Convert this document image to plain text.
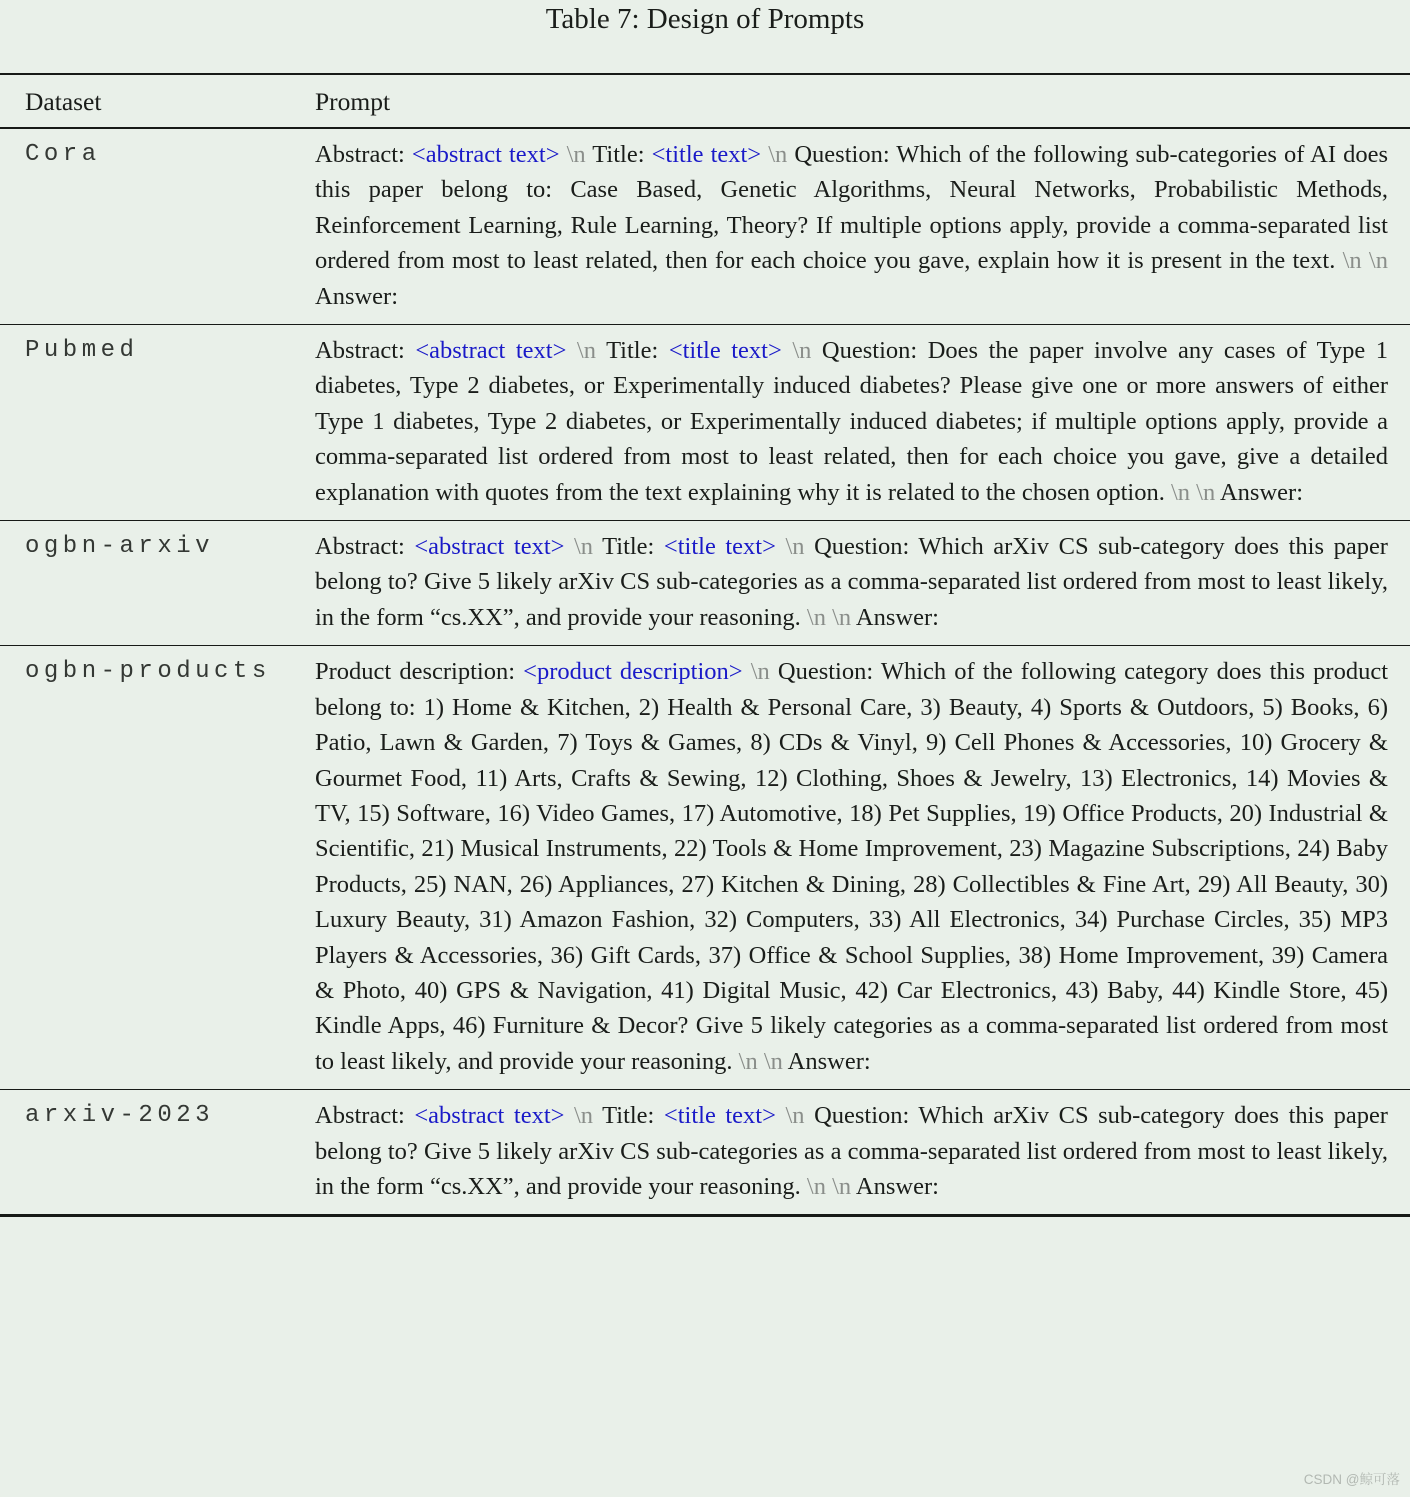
Table 7: Design of Prompts
Dataset	Prompt
Cora	Abstract: <abstract text> \n Title: <title text> \n Question: Which of the following sub-categories of AI does this paper belong to: Case Based, Genetic Algorithms, Neural Networks, Probabilistic Methods, Reinforcement Learning, Rule Learning, Theory? If multiple options apply, provide a comma-separated list ordered from most to least related, then for each choice you gave, explain how it is present in the text. \n \n Answer:
Pubmed	Abstract: <abstract text> \n Title: <title text> \n Question: Does the paper involve any cases of Type 1 diabetes, Type 2 diabetes, or Experimentally induced diabetes? Please give one or more answers of either Type 1 diabetes, Type 2 diabetes, or Experimentally induced diabetes; if multiple options apply, provide a comma-separated list ordered from most to least related, then for each choice you gave, give a detailed explanation with quotes from the text explaining why it is related to the chosen option. \n \n Answer:
ogbn-arxiv	Abstract: <abstract text> \n Title: <title text> \n Question: Which arXiv CS sub-category does this paper belong to? Give 5 likely arXiv CS sub-categories as a comma-separated list ordered from most to least likely, in the form “cs.XX”, and provide your reasoning. \n \n Answer:
ogbn-products	Product description: <product description> \n Question: Which of the following category does this product belong to: 1) Home & Kitchen, 2) Health & Personal Care, 3) Beauty, 4) Sports & Outdoors, 5) Books, 6) Patio, Lawn & Garden, 7) Toys & Games, 8) CDs & Vinyl, 9) Cell Phones & Accessories, 10) Grocery & Gourmet Food, 11) Arts, Crafts & Sewing, 12) Clothing, Shoes & Jewelry, 13) Electronics, 14) Movies & TV, 15) Software, 16) Video Games, 17) Automotive, 18) Pet Supplies, 19) Office Products, 20) Industrial & Scientific, 21) Musical Instruments, 22) Tools & Home Improvement, 23) Magazine Subscriptions, 24) Baby Products, 25) NAN, 26) Appliances, 27) Kitchen & Dining, 28) Collectibles & Fine Art, 29) All Beauty, 30) Luxury Beauty, 31) Amazon Fashion, 32) Computers, 33) All Electronics, 34) Purchase Circles, 35) MP3 Players & Accessories, 36) Gift Cards, 37) Office & School Supplies, 38) Home Improvement, 39) Camera & Photo, 40) GPS & Navigation, 41) Digital Music, 42) Car Electronics, 43) Baby, 44) Kindle Store, 45) Kindle Apps, 46) Furniture & Decor? Give 5 likely categories as a comma-separated list ordered from most to least likely, and provide your reasoning. \n \n Answer:
arxiv-2023	Abstract: <abstract text> \n Title: <title text> \n Question: Which arXiv CS sub-category does this paper belong to? Give 5 likely arXiv CS sub-categories as a comma-separated list ordered from most to least likely, in the form “cs.XX”, and provide your reasoning. \n \n Answer:
CSDN @鲸可落
